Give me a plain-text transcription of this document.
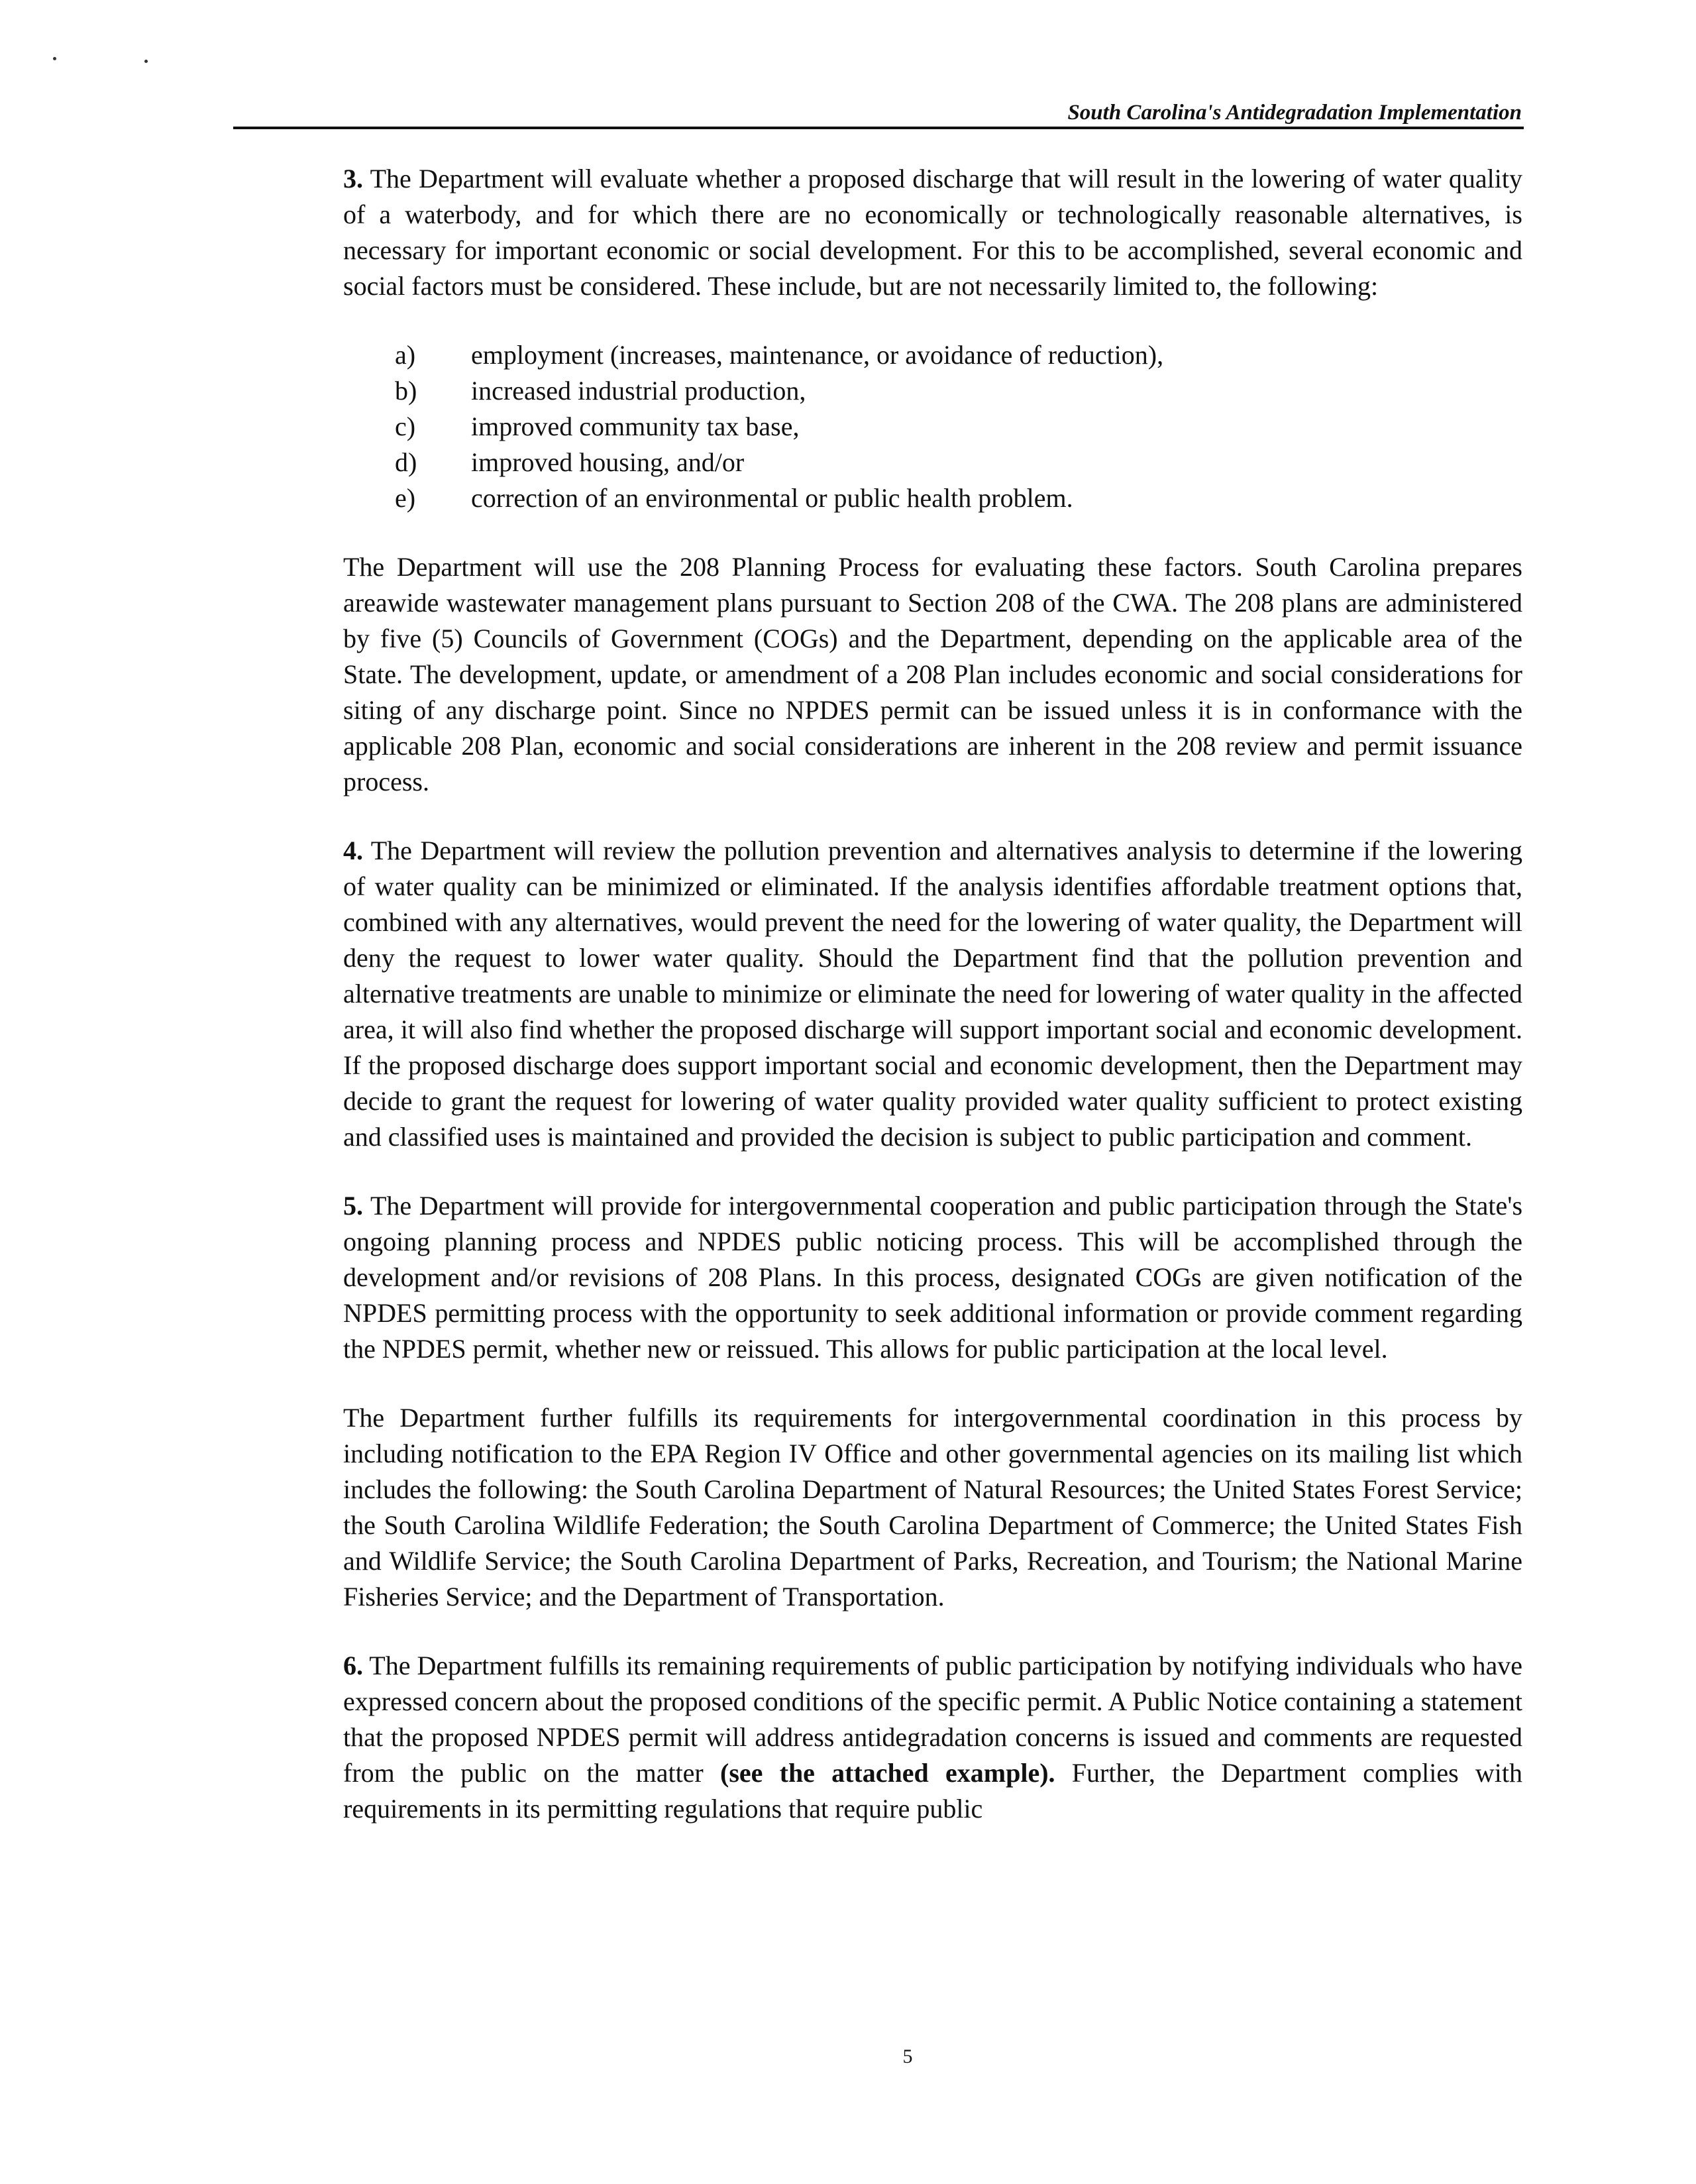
South Carolina's Antidegradation Implementation

3. The Department will evaluate whether a proposed discharge that will result in the lowering of water quality of a waterbody, and for which there are no economically or technologically reasonable alternatives, is necessary for important economic or social development. For this to be accomplished, several economic and social factors must be considered. These include, but are not necessarily limited to, the following:

a) employment (increases, maintenance, or avoidance of reduction),
b) increased industrial production,
c) improved community tax base,
d) improved housing, and/or
e) correction of an environmental or public health problem.

The Department will use the 208 Planning Process for evaluating these factors. South Carolina prepares areawide wastewater management plans pursuant to Section 208 of the CWA. The 208 plans are administered by five (5) Councils of Government (COGs) and the Department, depending on the applicable area of the State. The development, update, or amendment of a 208 Plan includes economic and social considerations for siting of any discharge point. Since no NPDES permit can be issued unless it is in conformance with the applicable 208 Plan, economic and social considerations are inherent in the 208 review and permit issuance process.

4. The Department will review the pollution prevention and alternatives analysis to determine if the lowering of water quality can be minimized or eliminated. If the analysis identifies affordable treatment options that, combined with any alternatives, would prevent the need for the lowering of water quality, the Department will deny the request to lower water quality. Should the Department find that the pollution prevention and alternative treatments are unable to minimize or eliminate the need for lowering of water quality in the affected area, it will also find whether the proposed discharge will support important social and economic development. If the proposed discharge does support important social and economic development, then the Department may decide to grant the request for lowering of water quality provided water quality sufficient to protect existing and classified uses is maintained and provided the decision is subject to public participation and comment.

5. The Department will provide for intergovernmental cooperation and public participation through the State's ongoing planning process and NPDES public noticing process. This will be accomplished through the development and/or revisions of 208 Plans. In this process, designated COGs are given notification of the NPDES permitting process with the opportunity to seek additional information or provide comment regarding the NPDES permit, whether new or reissued. This allows for public participation at the local level.

The Department further fulfills its requirements for intergovernmental coordination in this process by including notification to the EPA Region IV Office and other governmental agencies on its mailing list which includes the following: the South Carolina Department of Natural Resources; the United States Forest Service; the South Carolina Wildlife Federation; the South Carolina Department of Commerce; the United States Fish and Wildlife Service; the South Carolina Department of Parks, Recreation, and Tourism; the National Marine Fisheries Service; and the Department of Transportation.

6. The Department fulfills its remaining requirements of public participation by notifying individuals who have expressed concern about the proposed conditions of the specific permit. A Public Notice containing a statement that the proposed NPDES permit will address antidegradation concerns is issued and comments are requested from the public on the matter (see the attached example). Further, the Department complies with requirements in its permitting regulations that require public

5
